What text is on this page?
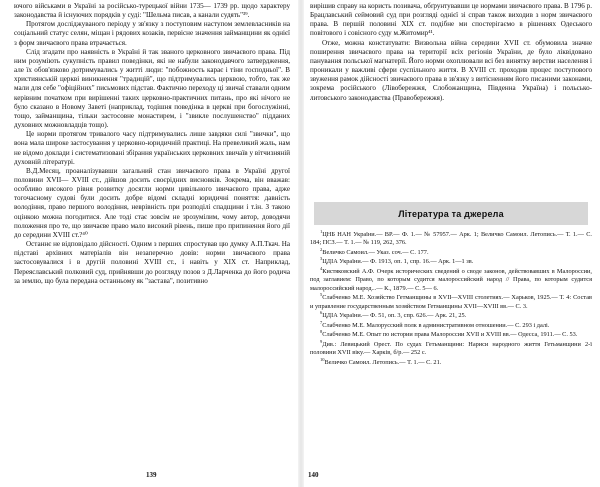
ючого військами в Україні за російсько-турецької війни 1735— 1739 рр. щодо характеру законодавства й існуючих порядків у суді: "Шельма писав, а канали судять"³⁹.

Протягом досліджуваного періоду у зв'язку з поступовим наступом землевласників на соціальний статус селян, міщан і рядових козаків, первісне значення займанщини як однієї з форм звичаєвого права втрачається.

Слід згадати про наявність в Україні й так званого церковного звичаєвого права. Під ним розуміють сукупність правил поведінки, які не набули законодавчого затвердження, але їх обов'язково дотримувались у житті люди: "побожность карає і тіни господньої". В християнській церкві виникнення "традицій", що підтримувались церквою, тобто, так же мали для себе "офіційних" письмових підстав. Фактично переходу ці звичаї ставали одним керівним початком при вирішенні таких церковно-практичних питань, про які нічого не було сказано в Новому Заветі (наприклад, тодішня поведінка в церкві при богослужінні, тощо, займанщина, тільки застосовне монастирем, і "звикле послушенство" підданих духовних можновладців тощо).

Це норми протягом тривалого часу підтримувались лише завдяки силі "звички", що вона мала широке застосування у церковно-юридичній практиці. На превеликий жаль, нам не відомо доклади і систематизовані збірання українських церковних звичаїв у вітчизняній духовній літературі.

В.Д.Месяц, проаналізувавши загальний стан звичаєвого права в Україні другої половини XVII— XVIII ст., дійшов досить своєрідних висновків. Зокрема, він вважав: особливо виcокого рівня розвитку досягли норми цивільного звичаєвого права, адже тогочасному судові були досить добре відомі складні юридичні поняття: давність володіння, право першого володіння, неврівність при розподілі спадщини і т.ін. З такою оцінкою можна погодитися. Але тоді стає зовсім не зрозумілим, чому автор, доводячи положення про те, що звичаєве право мало високий рівень, пише про припинення його дії до середини XVIII ст.?⁴⁰

Останнє не відповідало дійсності. Одним з перших спростував цю думку А.П.Ткач. На підставі архівних матеріалів він незаперечно довів: норми звичаєвого права застосовувалися і в другій половині XVIII ст., і навіть у XIX ст. Наприклад, Переяславський полковий суд, прийнявши до розгляду позов з Д.Ларченка до його родича за землю, що була передана останньому як "застава", позитивно

139

вирішив справу на користь позивача, обґрунтувавши це нормами звичаєвого права. В 1796 р. Брацлавський сеймовий суд при розгляді однієї зі справ також виходив з норм звичаєвого права. В першій половині XIX ст. подібне ми спостерігаємо в рішеннях Одеського повітового і совісного суду м.Житомир⁴¹.

Отже, можна констатувати: Визвольна війна середини XVII ст. обумовила значне поширення звичаєвого права на території всіх регіонів України, де було ліквідовано панування польської магнатерії. Його норми охоплювали всі без винятку верстви населення і проникали у важливі сфери суспільного життя. В XVIII ст. проходив процес поступового звуження рамок дійсності звичаєвого права в зв'язку з витісненням його писаними законами, зокрема російського (Лівобережжя, Слобожанщина, Південна Україна) і польсько-литовського законодавства (Правобережжя).

Література та джерела

$^1$ЦНБ НАН України.— ВР.— Ф. 1.— № 57957.— Арк. 1; Величко Самоил. Летопись.— Т. 1.— С. 184; ПСЗ.— Т. 1.— № 119, 262, 376.

$^2$Величко Самоил.— Указ. соч.— С. 177.

$^3$ЦДІА України.— Ф. 1913, оп. 1, спр. 16.— Арк. 1—1 зв.

$^4$Кистяковский А.Ф. Очерк исторических сведений о своде законов, действовавших в Малороссии, под заглавием: Право, по которым судится малороссийский народ // Права, по которым судится малороссийский народ...— К., 1879.— С. 5— 6.

$^5$Слабченко М.Е. Хозяйство Гетманщины в XVII—XVIII столетиях.— Харьков, 1925.— Т. 4: Состав и управление государственным хозяйством Гетманщины XVII—XVIII вв.— С. 3.

$^6$ЦДІА України.— Ф. 51, оп. 3, спр. 626.— Арк. 21, 25.

$^7$Слабченко М.Е. Малорусский полк в административном отношении.— С. 293 і далі.

$^8$Слабченко М.Е. Опыт по истории права Малороссии XVII и XVIII вв.— Одесса, 1911.— С. 53.

$^9$Див.: Левицький Орест. По судах Гетьманщини: Нариси народного життя Гетьманщини 2-ї половини XVII віку.— Харків, б/р.— 252 с.

$^{10}$Величко Самоил. Летопись.— Т. 1.— С. 21.

140
